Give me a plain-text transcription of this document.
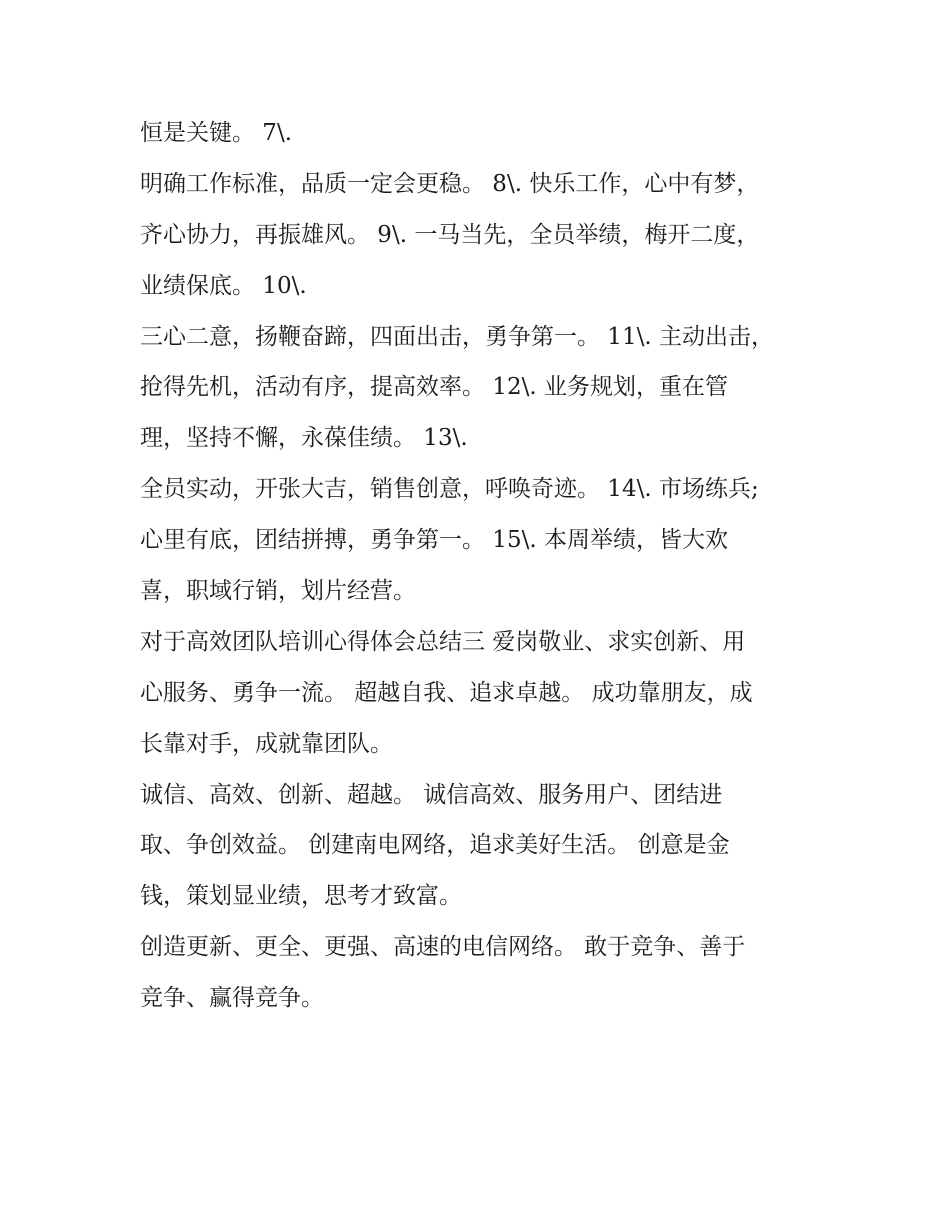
恒是关键。 7\.
明确工作标准，品质一定会更稳。 8\. 快乐工作，心中有梦，
齐心协力，再振雄风。 9\. 一马当先，全员举绩，梅开二度，
业绩保底。 10\.
三心二意，扬鞭奋蹄，四面出击，勇争第一。 11\. 主动出击，
抢得先机，活动有序，提高效率。 12\. 业务规划，重在管
理，坚持不懈，永葆佳绩。 13\.
全员实动，开张大吉，销售创意，呼唤奇迹。 14\. 市场练兵;
心里有底，团结拼搏，勇争第一。 15\. 本周举绩，皆大欢
喜，职域行销，划片经营。
对于高效团队培训心得体会总结三 爱岗敬业、求实创新、用
心服务、勇争一流。 超越自我、追求卓越。 成功靠朋友，成
长靠对手，成就靠团队。
诚信、高效、创新、超越。 诚信高效、服务用户、团结进
取、争创效益。 创建南电网络，追求美好生活。 创意是金
钱，策划显业绩，思考才致富。
创造更新、更全、更强、高速的电信网络。 敢于竞争、善于
竞争、赢得竞争。
